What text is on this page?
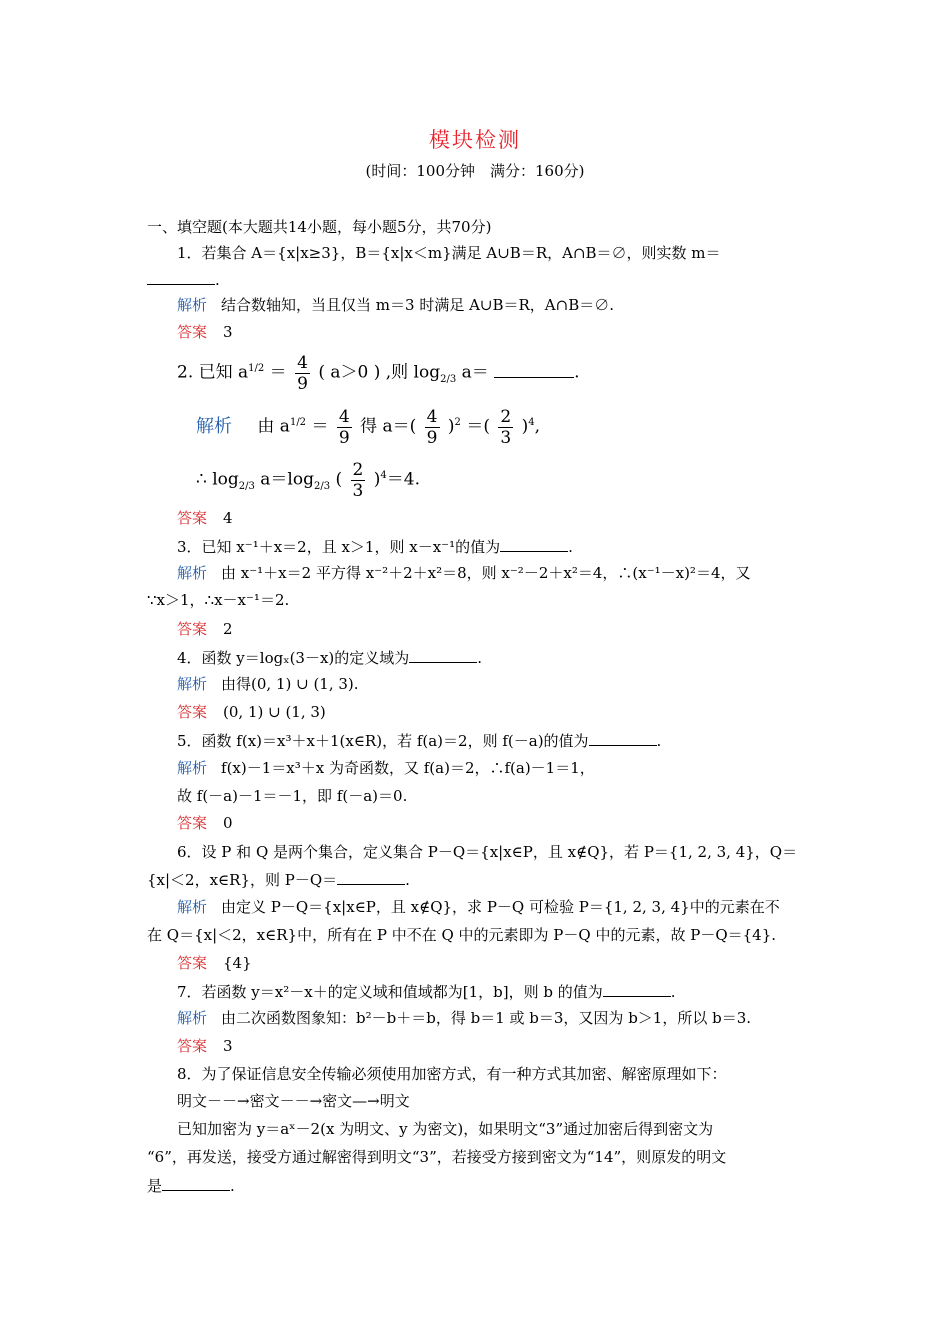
模块检测
(时间：100分钟　满分：160分)
一、填空题(本大题共14小题，每小题5分，共70分)
1．若集合 A＝{x|x≥3}，B＝{x|x＜m}满足 A∪B＝R，A∩B＝∅，则实数 m＝
.
解析 结合数轴知，当且仅当 m＝3 时满足 A∪B＝R，A∩B＝∅.
答案 3
2. 已知 $a^{1/2} = \frac{4}{9}$ ( a＞0 ) ,则 $\log_{2/3} a=$	.
解析 由 $a^{1/2} = \frac{4}{9}$ 得 $a=( \frac{4}{9} )^2$ ＝( $\frac{2}{3} )^4$,
∴ $\log_{2/3} a=\log_{2/3}$ ( $\frac{2}{3} )^4=4$.
答案 4
3．已知 x⁻¹＋x＝2，且 x＞1，则 x－x⁻¹的值为	.
解析 由 x⁻¹＋x＝2 平方得 x⁻²＋2＋x²＝8，则 x⁻²－2＋x²＝4，∴(x⁻¹－x)²＝4，又
∵x＞1，∴x－x⁻¹＝2.
答案 2
4．函数 y＝logₓ(3－x)的定义域为	.
解析 由得(0, 1) ∪ (1, 3).
答案 (0, 1) ∪ (1, 3)
5．函数 f(x)＝x³＋x＋1(x∈R)，若 f(a)＝2，则 f(－a)的值为	.
解析 f(x)－1＝x³＋x 为奇函数，又 f(a)＝2，∴f(a)－1＝1，
故 f(－a)－1＝－1，即 f(－a)＝0.
答案 0
6．设 P 和 Q 是两个集合，定义集合 P－Q＝{x|x∈P，且 x∉Q}，若 P＝{1, 2, 3, 4}，Q＝
{x|＜2，x∈R}，则 P－Q＝	.
解析 由定义 P－Q＝{x|x∈P，且 x∉Q}，求 P－Q 可检验 P＝{1, 2, 3, 4}中的元素在不
在 Q＝{x|＜2，x∈R}中，所有在 P 中不在 Q 中的元素即为 P－Q 中的元素，故 P－Q＝{4}.
答案 {4}
7．若函数 y＝x²－x＋的定义域和值域都为[1，b]，则 b 的值为	.
解析 由二次函数图象知：b²－b＋＝b，得 b＝1 或 b＝3，又因为 b＞1，所以 b＝3.
答案 3
8．为了保证信息安全传输必须使用加密方式，有一种方式其加密、解密原理如下：
明文－－→密文－－→密文—→明文
已知加密为 y＝aˣ－2(x 为明文、y 为密文)，如果明文“3”通过加密后得到密文为
“6”，再发送，接受方通过解密得到明文“3”，若接受方接到密文为“14”，则原发的明文
是	.
